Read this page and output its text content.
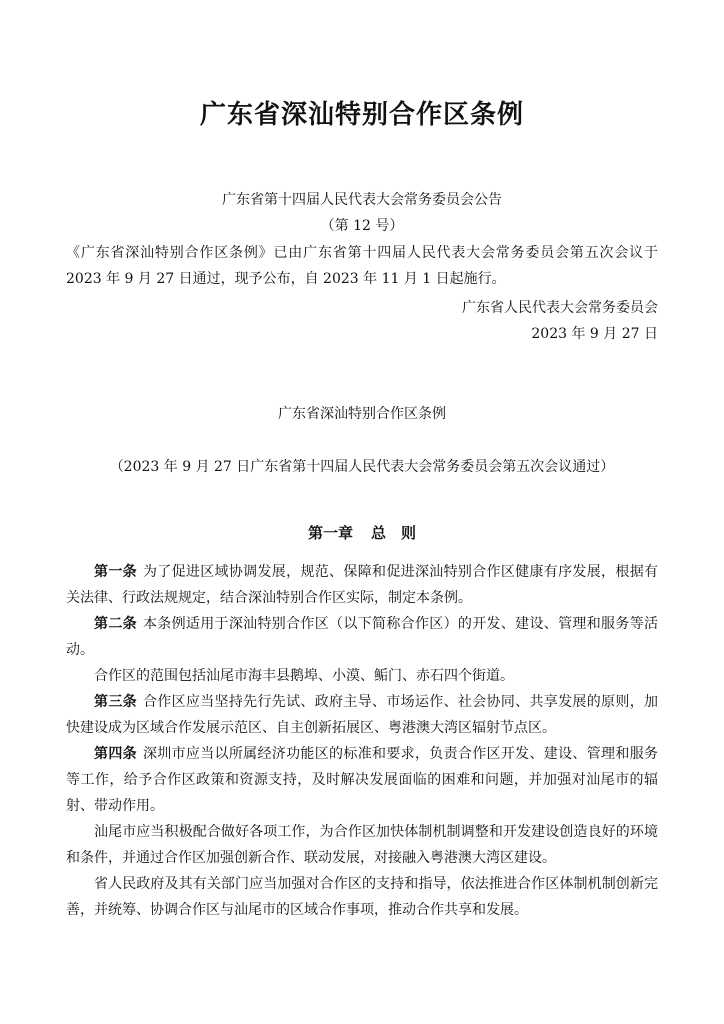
广东省深汕特别合作区条例
广东省第十四届人民代表大会常务委员会公告
（第 12 号）
《广东省深汕特别合作区条例》已由广东省第十四届人民代表大会常务委员会第五次会议于 2023 年 9 月 27 日通过，现予公布，自 2023 年 11 月 1 日起施行。
广东省人民代表大会常务委员会
2023 年 9 月 27 日
广东省深汕特别合作区条例
（2023 年 9 月 27 日广东省第十四届人民代表大会常务委员会第五次会议通过）
第一章 总　则

第一条 为了促进区域协调发展，规范、保障和促进深汕特别合作区健康有序发展，根据有关法律、行政法规规定，结合深汕特别合作区实际，制定本条例。

第二条 本条例适用于深汕特别合作区（以下简称合作区）的开发、建设、管理和服务等活动。

合作区的范围包括汕尾市海丰县鹅埠、小漠、鲘门、赤石四个街道。

第三条 合作区应当坚持先行先试、政府主导、市场运作、社会协同、共享发展的原则，加快建设成为区域合作发展示范区、自主创新拓展区、粤港澳大湾区辐射节点区。

第四条 深圳市应当以所属经济功能区的标准和要求，负责合作区开发、建设、管理和服务等工作，给予合作区政策和资源支持，及时解决发展面临的困难和问题，并加强对汕尾市的辐射、带动作用。

汕尾市应当积极配合做好各项工作，为合作区加快体制机制调整和开发建设创造良好的环境和条件，并通过合作区加强创新合作、联动发展，对接融入粤港澳大湾区建设。

省人民政府及其有关部门应当加强对合作区的支持和指导，依法推进合作区体制机制创新完善，并统筹、协调合作区与汕尾市的区域合作事项，推动合作共享和发展。
